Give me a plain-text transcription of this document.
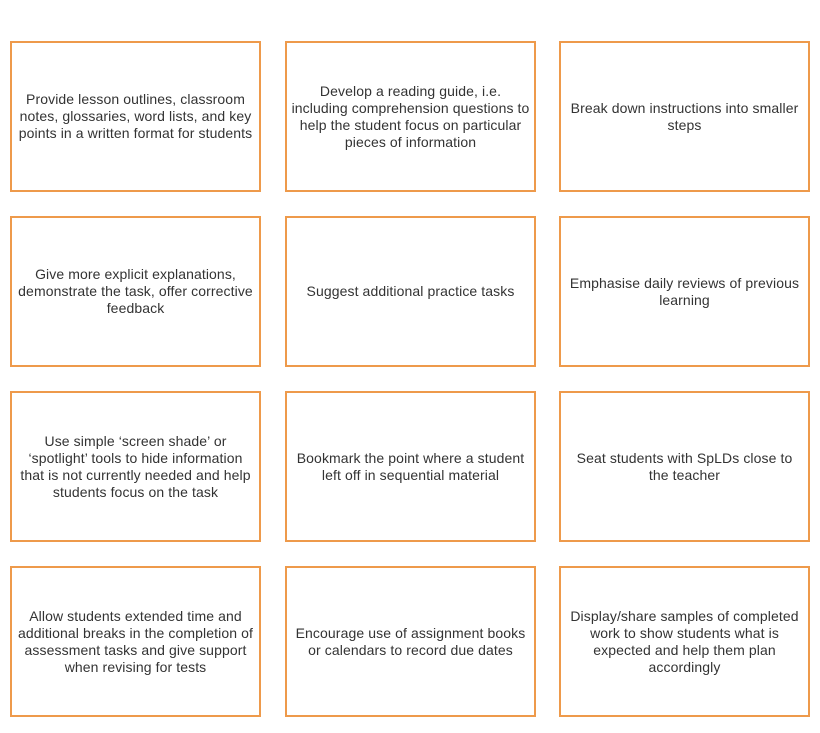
Provide lesson outlines, classroom notes, glossaries, word lists, and key points in a written format for students
Develop a reading guide, i.e. including comprehension questions to help the student focus on particular pieces of information
Break down instructions into smaller steps
Give more explicit explanations, demonstrate the task, offer corrective feedback
Suggest additional practice tasks
Emphasise daily reviews of previous learning
Use simple ‘screen shade’ or ‘spotlight’ tools to hide information that is not currently needed and help students focus on the task
Bookmark the point where a student left off in sequential material
Seat students with SpLDs close to the teacher
Allow students extended time and additional breaks in the completion of assessment tasks and give support when revising for tests
Encourage use of assignment books or calendars to record due dates
Display/share samples of completed work to show students what is expected and help them plan accordingly
